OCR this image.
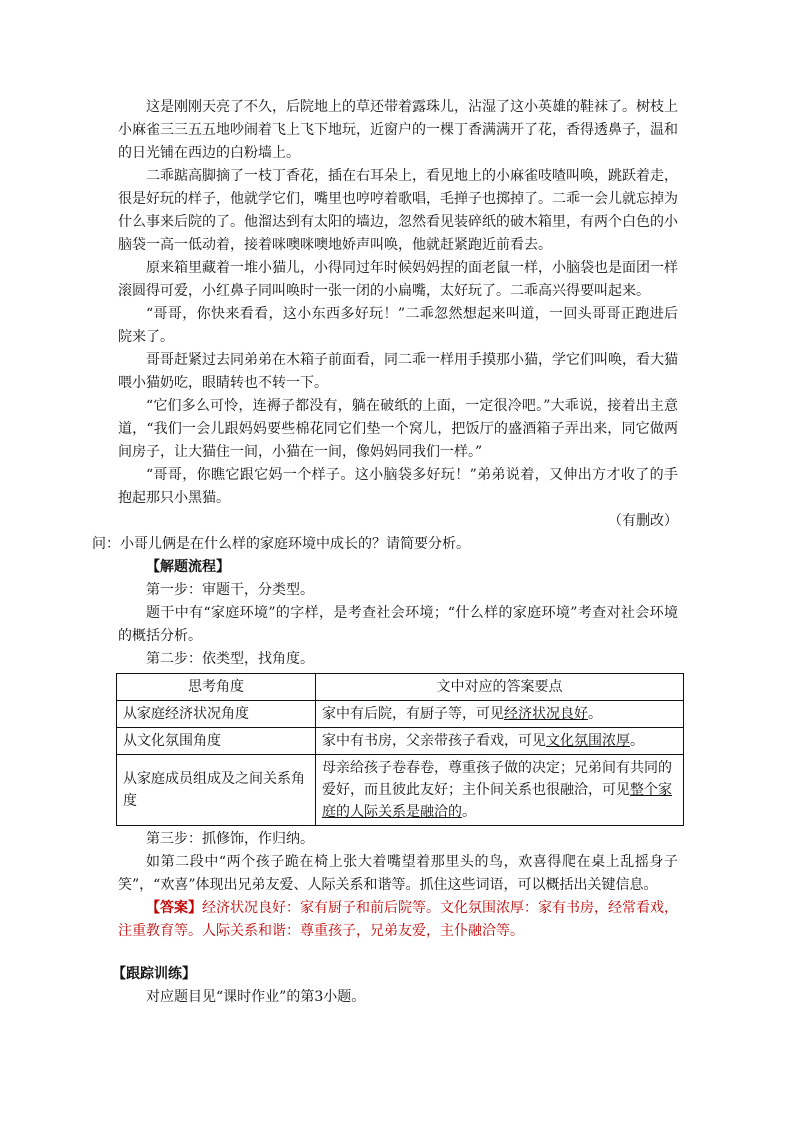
这是刚刚天亮了不久，后院地上的草还带着露珠儿，沾湿了这小英雄的鞋袜了。树枝上小麻雀三三五五地吵闹着飞上飞下地玩，近窗户的一棵丁香满满开了花，香得透鼻子，温和的日光铺在西边的白粉墙上。

二乖踮高脚摘了一枝丁香花，插在右耳朵上，看见地上的小麻雀吱喳叫唤，跳跃着走，很是好玩的样子，他就学它们，嘴里也哼哼着歌唱，毛掸子也掷掉了。二乖一会儿就忘掉为什么事来后院的了。他溜达到有太阳的墙边，忽然看见装碎纸的破木箱里，有两个白色的小脑袋一高一低动着，接着咪噢咪噢地娇声叫唤，他就赶紧跑近前看去。

原来箱里藏着一堆小猫儿，小得同过年时候妈妈捏的面老鼠一样，小脑袋也是面团一样滚圆得可爱，小红鼻子同叫唤时一张一闭的小扁嘴，太好玩了。二乖高兴得要叫起来。

“哥哥，你快来看看，这小东西多好玩！”二乖忽然想起来叫道，一回头哥哥正跑进后院来了。

哥哥赶紧过去同弟弟在木箱子前面看，同二乖一样用手摸那小猫，学它们叫唤，看大猫喂小猫奶吃，眼睛转也不转一下。

“它们多么可怜，连褥子都没有，躺在破纸的上面，一定很冷吧。”大乖说，接着出主意道，“我们一会儿跟妈妈要些棉花同它们垫一个窝儿，把饭厅的盛酒箱子弄出来，同它做两间房子，让大猫住一间，小猫在一间，像妈妈同我们一样。”

“哥哥，你瞧它跟它妈一个样子。这小脑袋多好玩！”弟弟说着，又伸出方才收了的手抱起那只小黑猫。

（有删改）

问：小哥儿俩是在什么样的家庭环境中成长的？请简要分析。

【解题流程】

第一步：审题干，分类型。

题干中有“家庭环境”的字样，是考查社会环境；“什么样的家庭环境”考查对社会环境的概括分析。

第二步：依类型，找角度。

思考角度	文中对应的答案要点
从家庭经济状况角度	家中有后院，有厨子等，可见经济状况良好。
从文化氛围角度	家中有书房，父亲带孩子看戏，可见文化氛围浓厚。
从家庭成员组成及之间关系角度	母亲给孩子卷春卷，尊重孩子做的决定；兄弟间有共同的爱好，而且彼此友好；主仆间关系也很融洽，可见整个家庭的人际关系是融洽的。

第三步：抓修饰，作归纳。

如第二段中“两个孩子跪在椅上张大着嘴望着那里头的鸟，欢喜得爬在桌上乱摇身子笑”，“欢喜”体现出兄弟友爱、人际关系和谐等。抓住这些词语，可以概括出关键信息。

【答案】经济状况良好：家有厨子和前后院等。文化氛围浓厚：家有书房，经常看戏，注重教育等。人际关系和谐：尊重孩子，兄弟友爱，主仆融洽等。

【跟踪训练】

对应题目见“课时作业”的第3小题。
